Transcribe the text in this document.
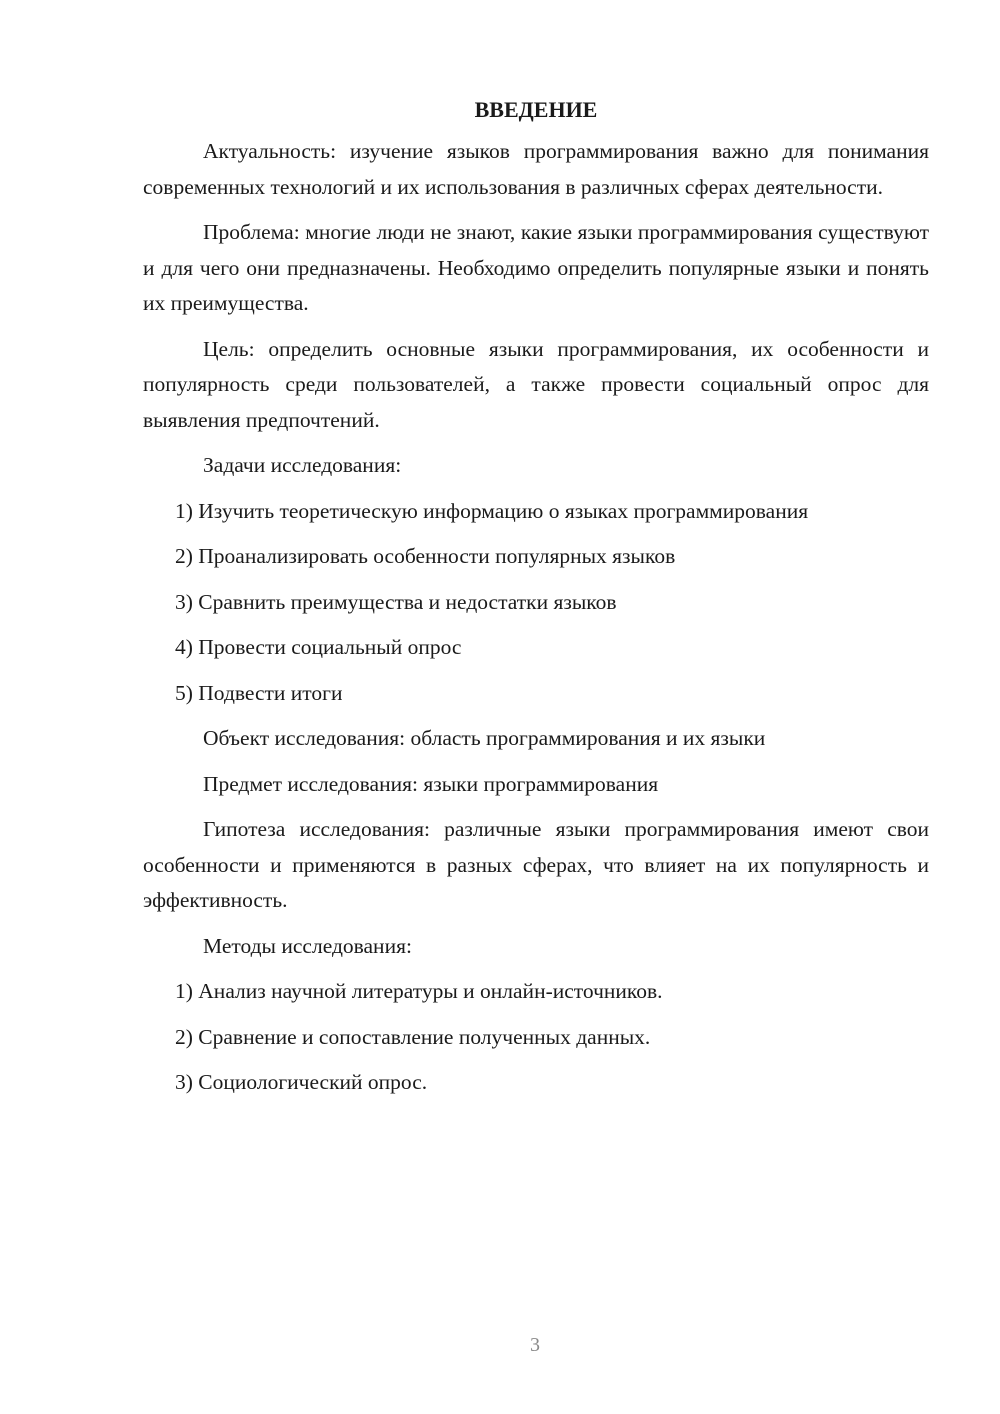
ВВЕДЕНИЕ

Актуальность: изучение языков программирования важно для понимания современных технологий и их использования в различных сферах деятельности.

Проблема: многие люди не знают, какие языки программирования существуют и для чего они предназначены. Необходимо определить популярные языки и понять их преимущества.

Цель: определить основные языки программирования, их особенности и популярность среди пользователей, а также провести социальный опрос для выявления предпочтений.

Задачи исследования:
1) Изучить теоретическую информацию о языках программирования
2) Проанализировать особенности популярных языков
3) Сравнить преимущества и недостатки языков
4) Провести социальный опрос
5) Подвести итоги
Объект исследования: область программирования и их языки
Предмет исследования: языки программирования

Гипотеза исследования: различные языки программирования имеют свои особенности и применяются в разных сферах, что влияет на их популярность и эффективность.

Методы исследования:
1) Анализ научной литературы и онлайн-источников.
2) Сравнение и сопоставление полученных данных.
3) Социологический опрос.
3
